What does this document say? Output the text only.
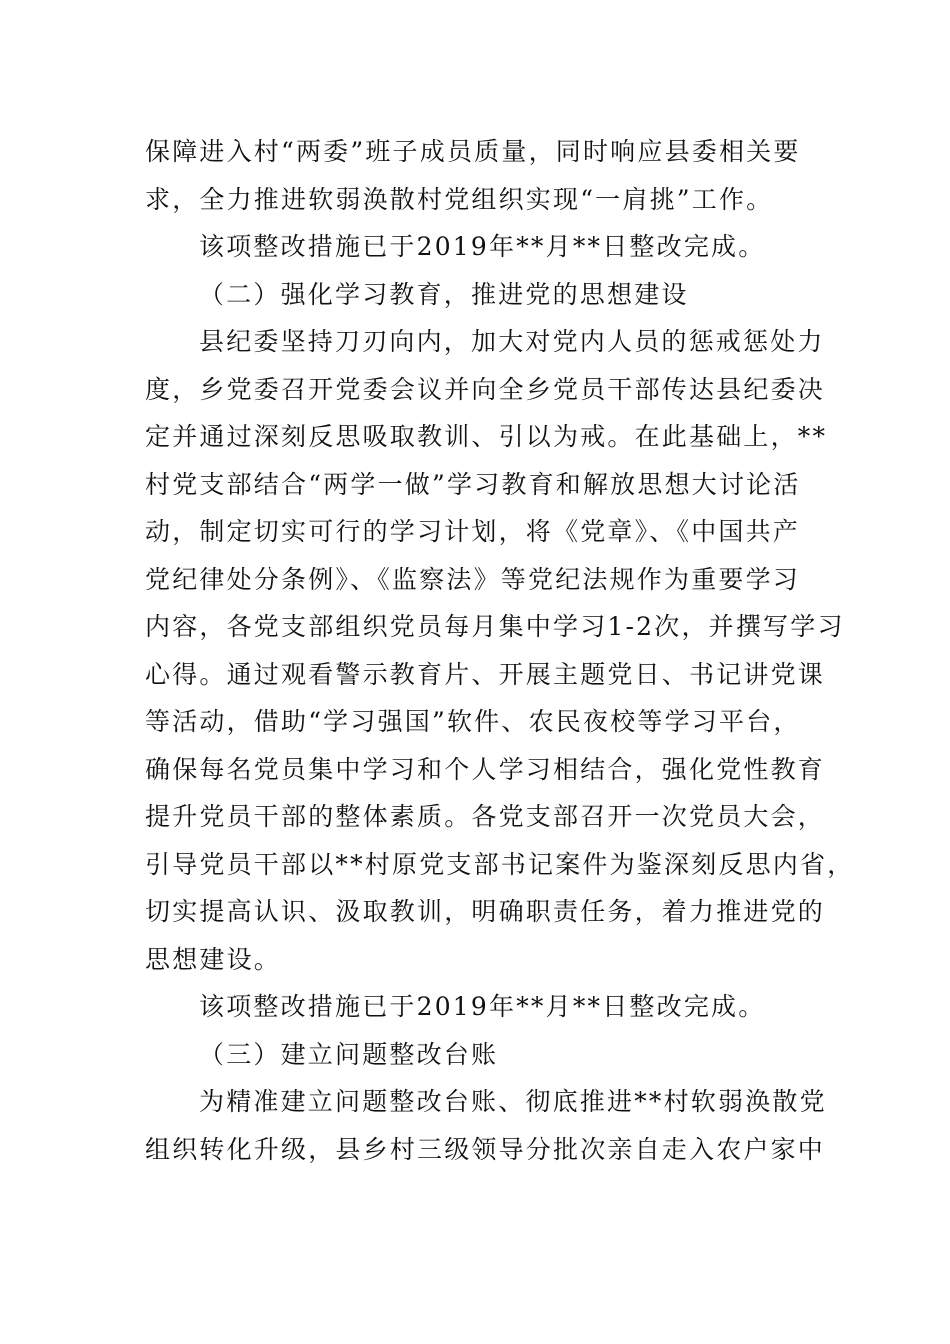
保障进入村“两委”班子成员质量，同时响应县委相关要
求，全力推进软弱涣散村党组织实现“一肩挑”工作。
该项整改措施已于2019年**月**日整改完成。
（二）强化学习教育，推进党的思想建设
县纪委坚持刀刃向内，加大对党内人员的惩戒惩处力
度，乡党委召开党委会议并向全乡党员干部传达县纪委决
定并通过深刻反思吸取教训、引以为戒。在此基础上，**
村党支部结合“两学一做”学习教育和解放思想大讨论活
动，制定切实可行的学习计划，将《党章》、《中国共产
党纪律处分条例》、《监察法》等党纪法规作为重要学习
内容，各党支部组织党员每月集中学习1-2次，并撰写学习
心得。通过观看警示教育片、开展主题党日、书记讲党课
等活动，借助“学习强国”软件、农民夜校等学习平台，
确保每名党员集中学习和个人学习相结合，强化党性教育
提升党员干部的整体素质。各党支部召开一次党员大会，
引导党员干部以**村原党支部书记案件为鉴深刻反思内省，
切实提高认识、汲取教训，明确职责任务，着力推进党的
思想建设。
该项整改措施已于2019年**月**日整改完成。
（三）建立问题整改台账
为精准建立问题整改台账、彻底推进**村软弱涣散党
组织转化升级，县乡村三级领导分批次亲自走入农户家中
